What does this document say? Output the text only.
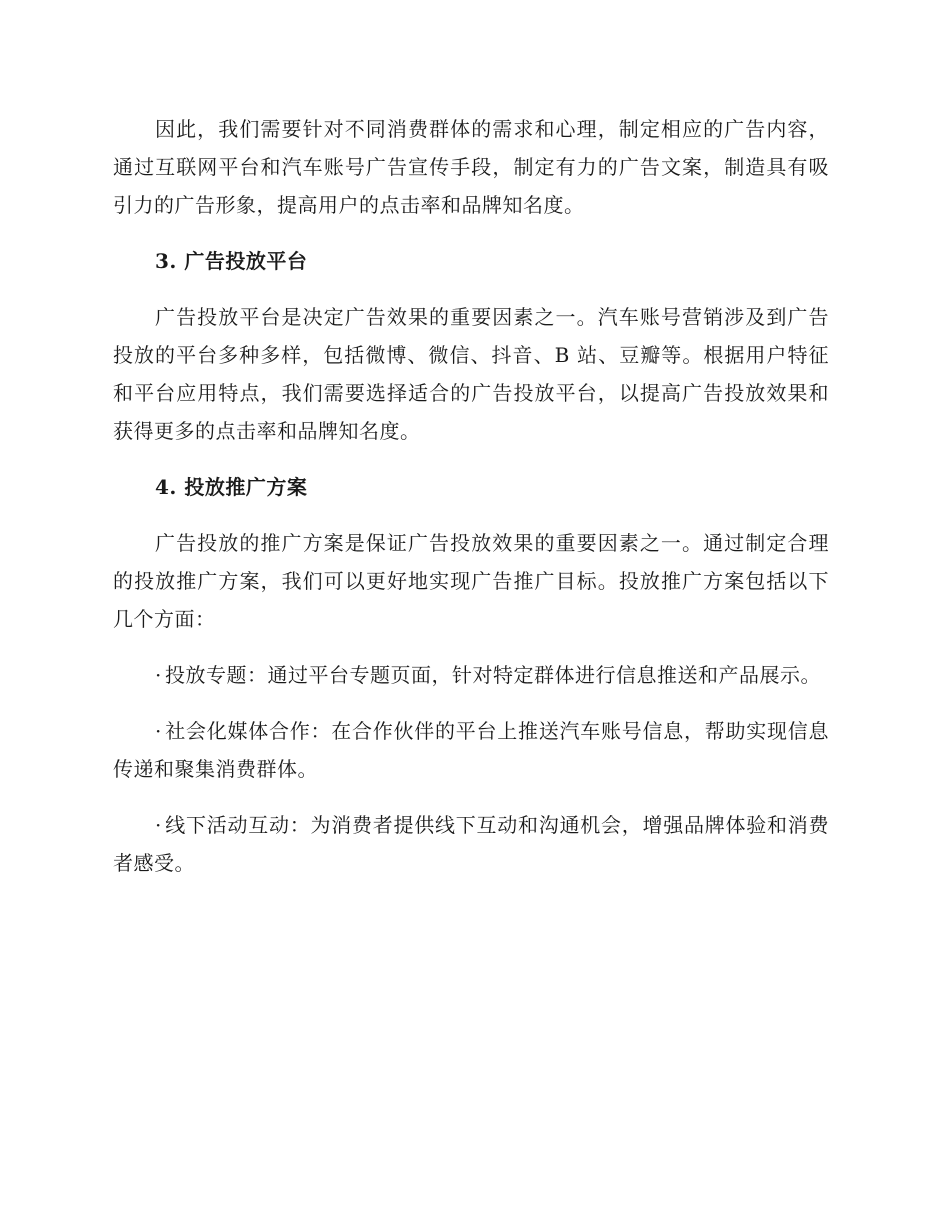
因此，我们需要针对不同消费群体的需求和心理，制定相应的广告内容，通过互联网平台和汽车账号广告宣传手段，制定有力的广告文案，制造具有吸引力的广告形象，提高用户的点击率和品牌知名度。

3. 广告投放平台

广告投放平台是决定广告效果的重要因素之一。汽车账号营销涉及到广告投放的平台多种多样，包括微博、微信、抖音、B 站、豆瓣等。根据用户特征和平台应用特点，我们需要选择适合的广告投放平台，以提高广告投放效果和获得更多的点击率和品牌知名度。

4. 投放推广方案

广告投放的推广方案是保证广告投放效果的重要因素之一。通过制定合理的投放推广方案，我们可以更好地实现广告推广目标。投放推广方案包括以下几个方面：

· 投放专题：通过平台专题页面，针对特定群体进行信息推送和产品展示。

· 社会化媒体合作：在合作伙伴的平台上推送汽车账号信息，帮助实现信息传递和聚集消费群体。

· 线下活动互动：为消费者提供线下互动和沟通机会，增强品牌体验和消费者感受。
